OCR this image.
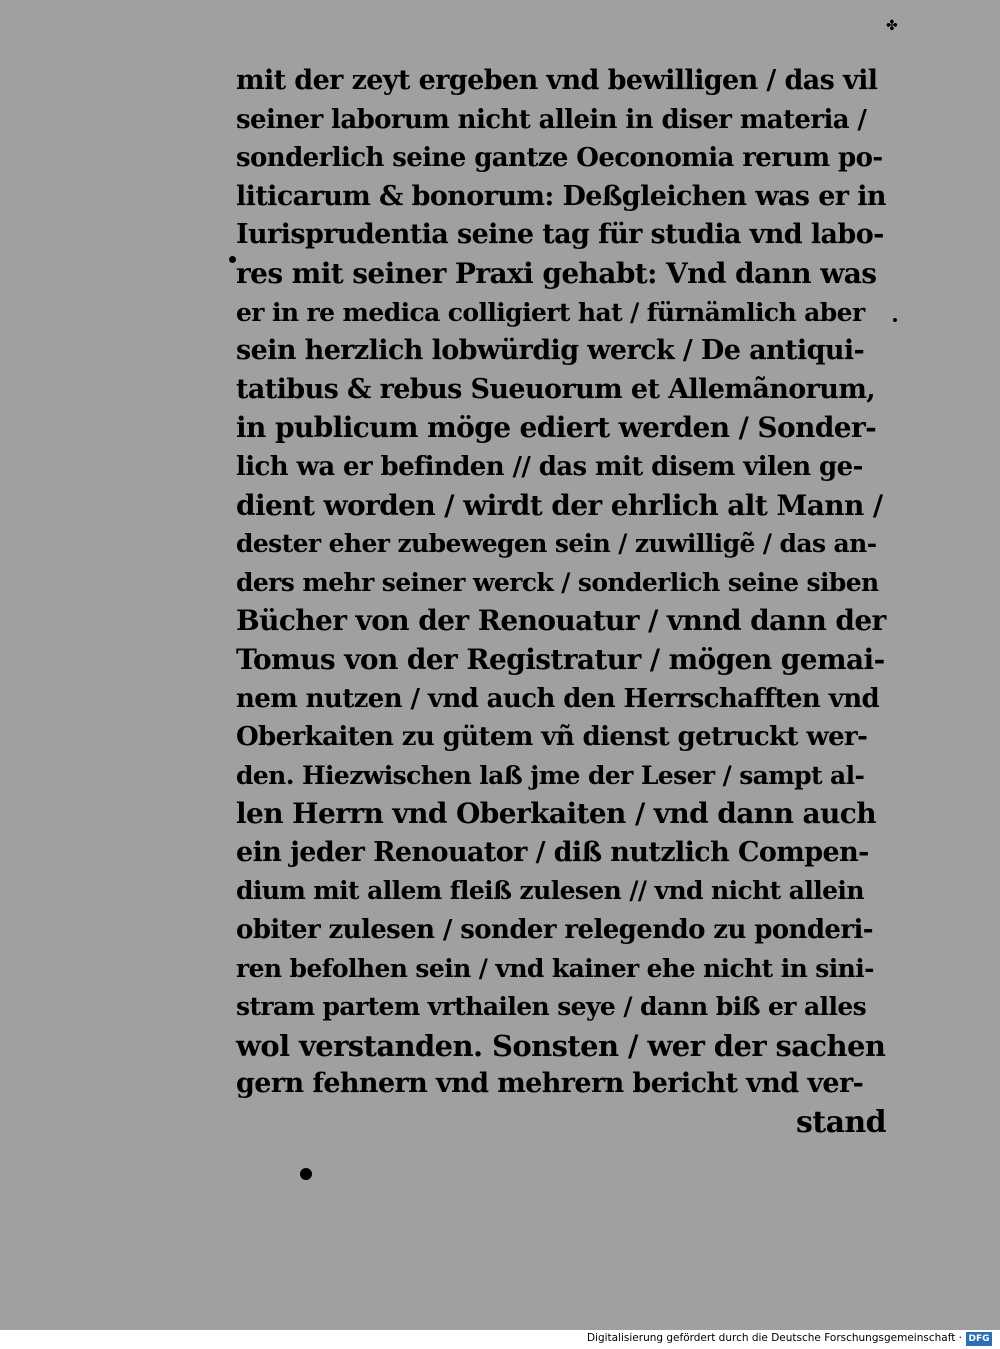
✤
mit der zeyt ergeben vnd bewilligen / das vil
seiner laborum nicht allein in diser materia /
sonderlich seine gantze Oeconomia rerum po-
liticarum & bonorum: Deßgleichen was er in
Iurisprudentia seine tag für studia vnd labo-
res mit seiner Praxi gehabt: Vnd dann was
er in re medica colligiert hat / fürnämlich aber
sein herzlich lobwürdig werck / De antiqui-
tatibus & rebus Sueuorum et Allemãnorum,
in publicum möge ediert werden / Sonder-
lich wa er befinden // das mit disem vilen ge-
dient worden / wirdt der ehrlich alt Mann /
dester eher zubewegen sein / zuwilligẽ / das an-
ders mehr seiner werck / sonderlich seine siben
Bücher von der Renouatur / vnnd dann der
Tomus von der Registratur / mögen gemai-
nem nutzen / vnd auch den Herrschafften vnd
Oberkaiten zu gütem vñ dienst getruckt wer-
den. Hiezwischen laß jme der Leser / sampt al-
len Herrn vnd Oberkaiten / vnd dann auch
ein jeder Renouator / diß nutzlich Compen-
dium mit allem fleiß zulesen // vnd nicht allein
obiter zulesen / sonder relegendo zu ponderi-
ren befolhen sein / vnd kainer ehe nicht in sini-
stram partem vrthailen seye / dann biß er alles
wol verstanden. Sonsten / wer der sachen
gern fehnern vnd mehrern bericht vnd ver-
stand
Digitalisierung gefördert durch die Deutsche Forschungsgemeinschaft · DFG
